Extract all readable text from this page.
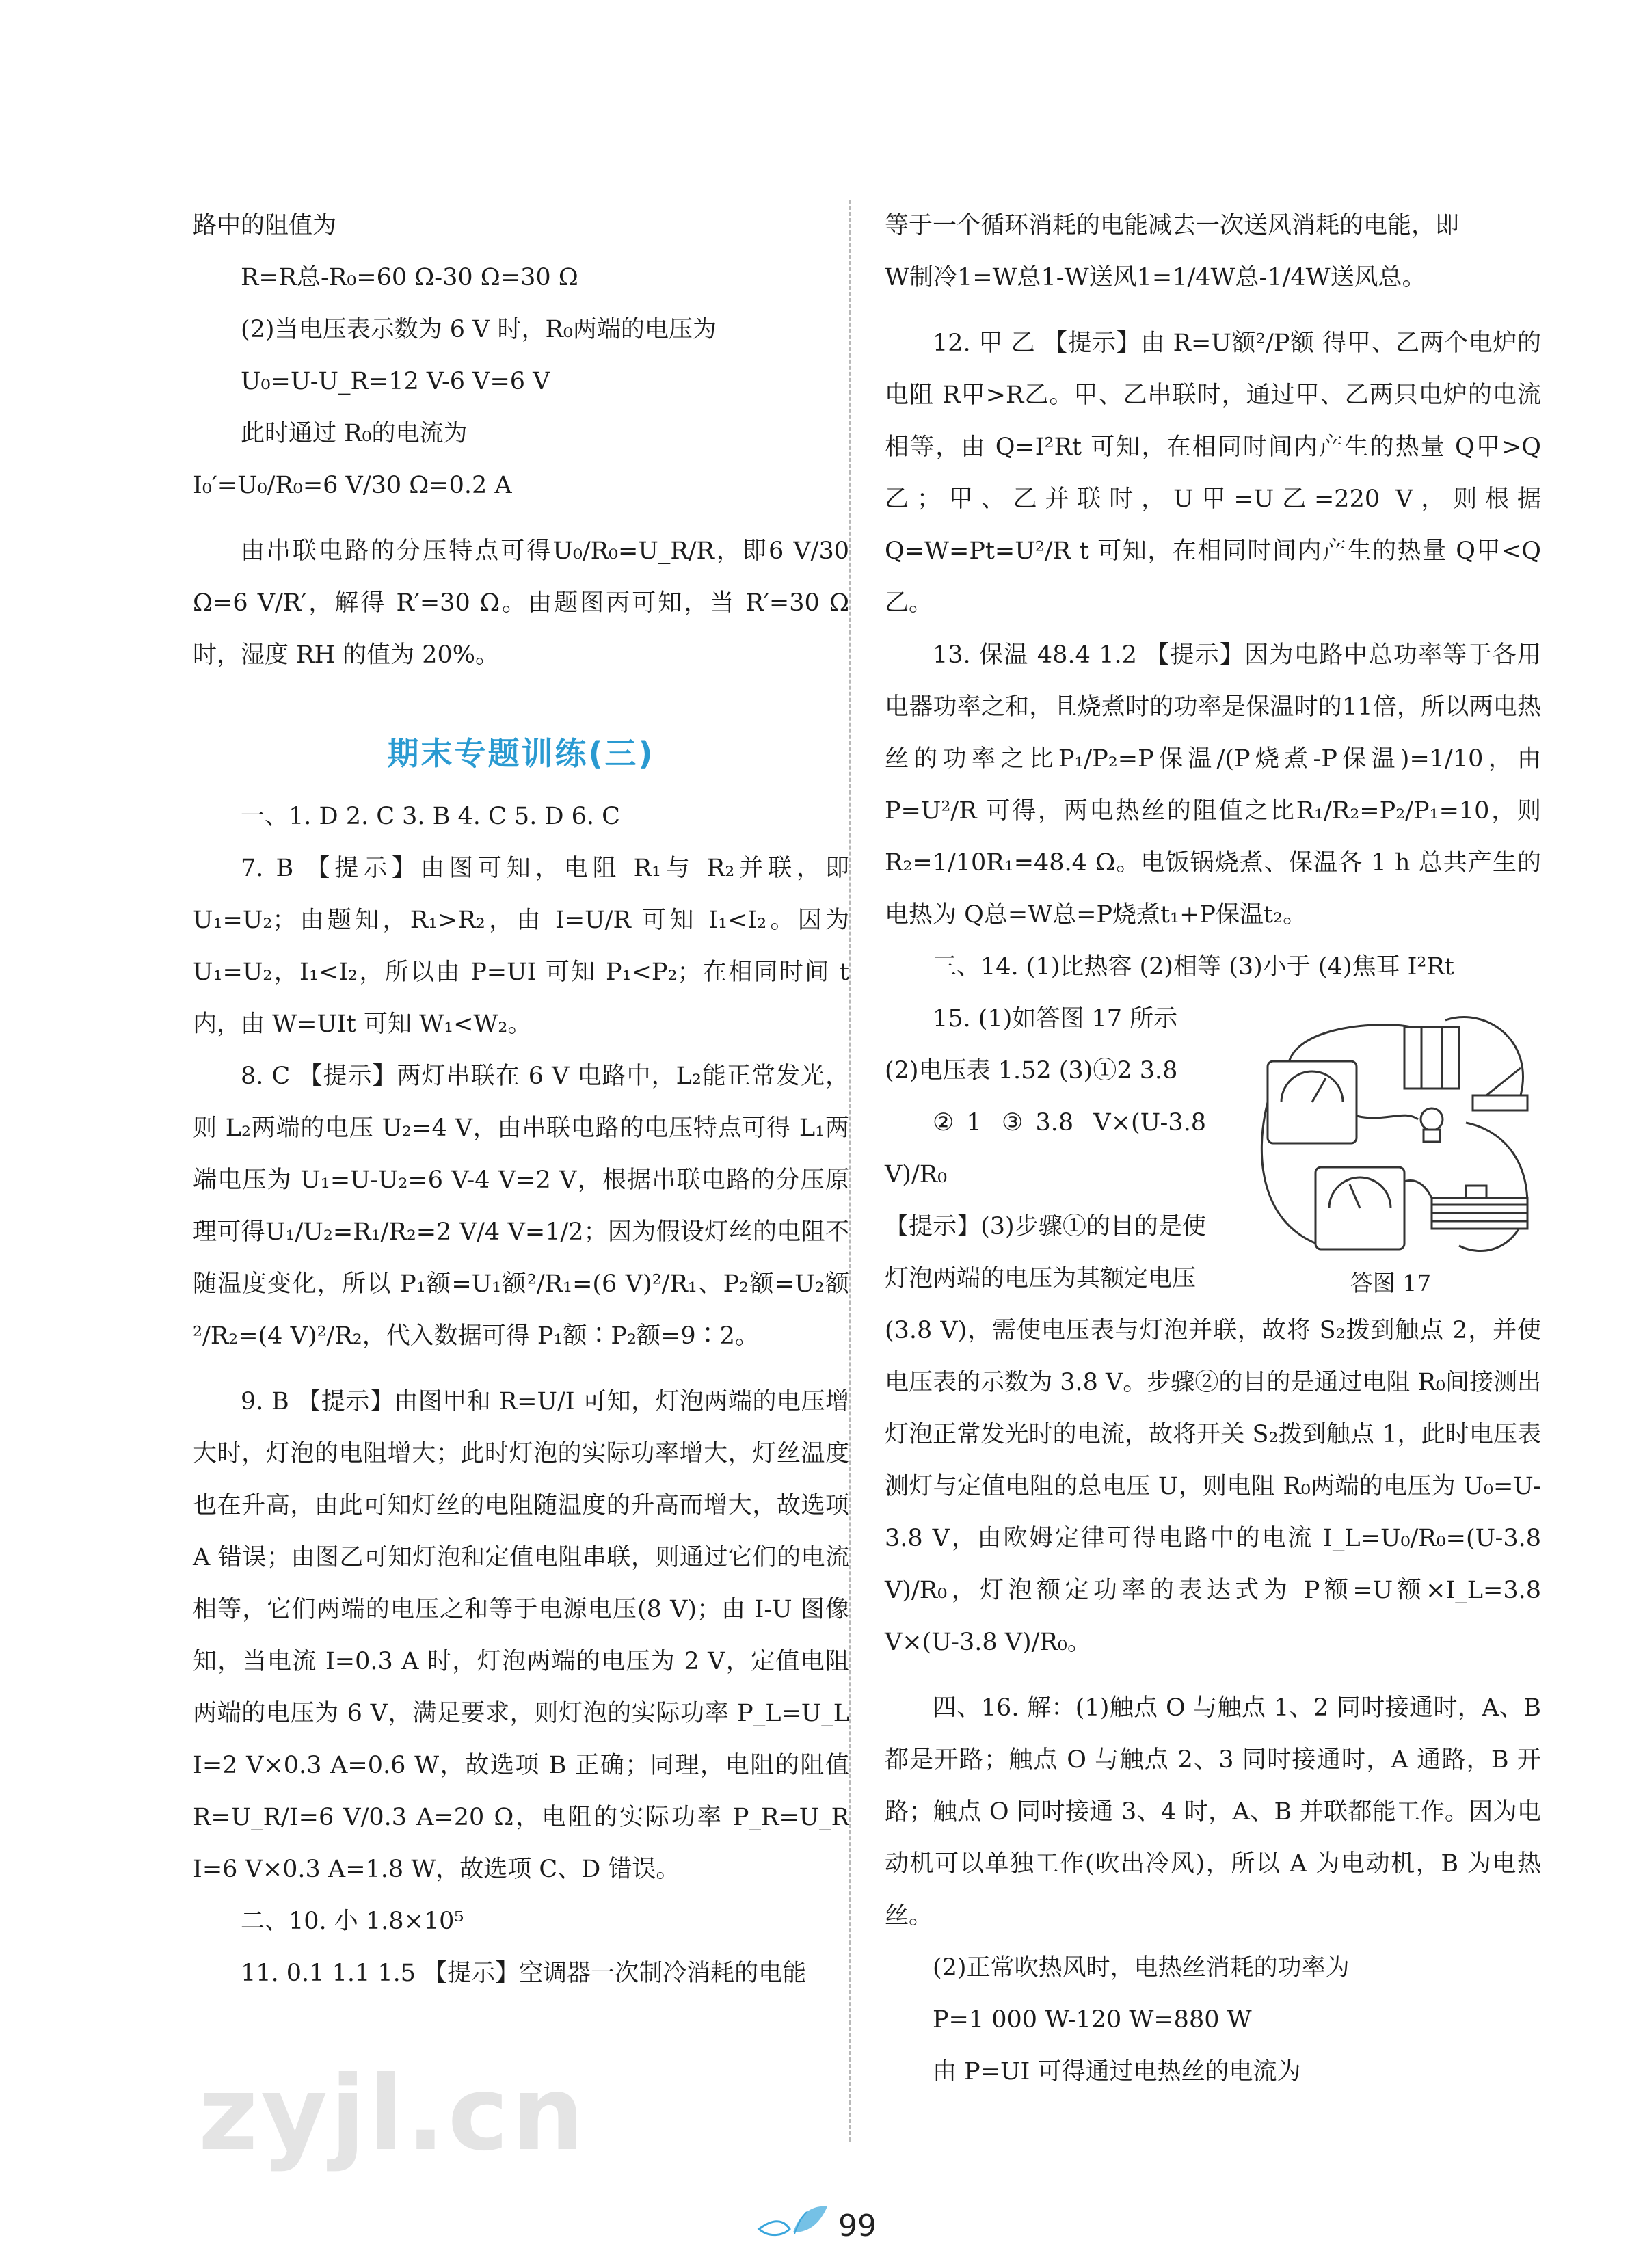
路中的阻值为

R=R总-R₀=60 Ω-30 Ω=30 Ω

(2)当电压表示数为 6 V 时，R₀两端的电压为

U₀=U-U_R=12 V-6 V=6 V

此时通过 R₀的电流为

I₀′=U₀/R₀=6 V/30 Ω=0.2 A

由串联电路的分压特点可得U₀/R₀=U_R/R，即6 V/30 Ω=6 V/R′，解得 R′=30 Ω。由题图丙可知，当 R′=30 Ω 时，湿度 RH 的值为 20%。

期末专题训练(三)

一、1. D 2. C 3. B 4. C 5. D 6. C

7. B 【提示】由图可知，电阻 R₁与 R₂并联，即 U₁=U₂；由题知，R₁>R₂，由 I=U/R 可知 I₁<I₂。因为 U₁=U₂，I₁<I₂，所以由 P=UI 可知 P₁<P₂；在相同时间 t 内，由 W=UIt 可知 W₁<W₂。

8. C 【提示】两灯串联在 6 V 电路中，L₂能正常发光，则 L₂两端的电压 U₂=4 V，由串联电路的电压特点可得 L₁两端电压为 U₁=U-U₂=6 V-4 V=2 V，根据串联电路的分压原理可得U₁/U₂=R₁/R₂=2 V/4 V=1/2；因为假设灯丝的电阻不随温度变化，所以 P₁额=U₁额²/R₁=(6 V)²/R₁、P₂额=U₂额²/R₂=(4 V)²/R₂，代入数据可得 P₁额∶P₂额=9∶2。

9. B 【提示】由图甲和 R=U/I 可知，灯泡两端的电压增大时，灯泡的电阻增大；此时灯泡的实际功率增大，灯丝温度也在升高，由此可知灯丝的电阻随温度的升高而增大，故选项 A 错误；由图乙可知灯泡和定值电阻串联，则通过它们的电流相等，它们两端的电压之和等于电源电压(8 V)；由 I-U 图像知，当电流 I=0.3 A 时，灯泡两端的电压为 2 V，定值电阻两端的电压为 6 V，满足要求，则灯泡的实际功率 P_L=U_L I=2 V×0.3 A=0.6 W，故选项 B 正确；同理，电阻的阻值 R=U_R/I=6 V/0.3 A=20 Ω，电阻的实际功率 P_R=U_R I=6 V×0.3 A=1.8 W，故选项 C、D 错误。

二、10. 小 1.8×10⁵

11. 0.1 1.1 1.5 【提示】空调器一次制冷消耗的电能

等于一个循环消耗的电能减去一次送风消耗的电能，即

W制冷1=W总1-W送风1=1/4W总-1/4W送风总。

12. 甲 乙 【提示】由 R=U额²/P额 得甲、乙两个电炉的电阻 R甲>R乙。甲、乙串联时，通过甲、乙两只电炉的电流相等，由 Q=I²Rt 可知，在相同时间内产生的热量 Q甲>Q乙；甲、乙并联时，U甲=U乙=220 V，则根据 Q=W=Pt=U²/R t 可知，在相同时间内产生的热量 Q甲<Q乙。

13. 保温 48.4 1.2 【提示】因为电路中总功率等于各用电器功率之和，且烧煮时的功率是保温时的11倍，所以两电热丝的功率之比P₁/P₂=P保温/(P烧煮-P保温)=1/10，由 P=U²/R 可得，两电热丝的阻值之比R₁/R₂=P₂/P₁=10，则 R₂=1/10R₁=48.4 Ω。电饭锅烧煮、保温各 1 h 总共产生的电热为 Q总=W总=P烧煮t₁+P保温t₂。

三、14. (1)比热容 (2)相等 (3)小于 (4)焦耳 I²Rt

15. (1)如答图 17 所示

(2)电压表 1.52 (3)①2 3.8

②1 ③3.8 V×(U-3.8 V)/R₀

【提示】(3)步骤①的目的是使灯泡两端的电压为其额定电压	答图 17

(3.8 V)，需使电压表与灯泡并联，故将 S₂拨到触点 2，并使电压表的示数为 3.8 V。步骤②的目的是通过电阻 R₀间接测出灯泡正常发光时的电流，故将开关 S₂拨到触点 1，此时电压表测灯与定值电阻的总电压 U，则电阻 R₀两端的电压为 U₀=U-3.8 V，由欧姆定律可得电路中的电流 I_L=U₀/R₀=(U-3.8 V)/R₀，灯泡额定功率的表达式为 P额=U额×I_L=3.8 V×(U-3.8 V)/R₀。

四、16. 解：(1)触点 O 与触点 1、2 同时接通时，A、B 都是开路；触点 O 与触点 2、3 同时接通时，A 通路，B 开路；触点 O 同时接通 3、4 时，A、B 并联都能工作。因为电动机可以单独工作(吹出冷风)，所以 A 为电动机，B 为电热丝。

(2)正常吹热风时，电热丝消耗的功率为

P=1 000 W-120 W=880 W

由 P=UI 可得通过电热丝的电流为

99
zyjl.cn
